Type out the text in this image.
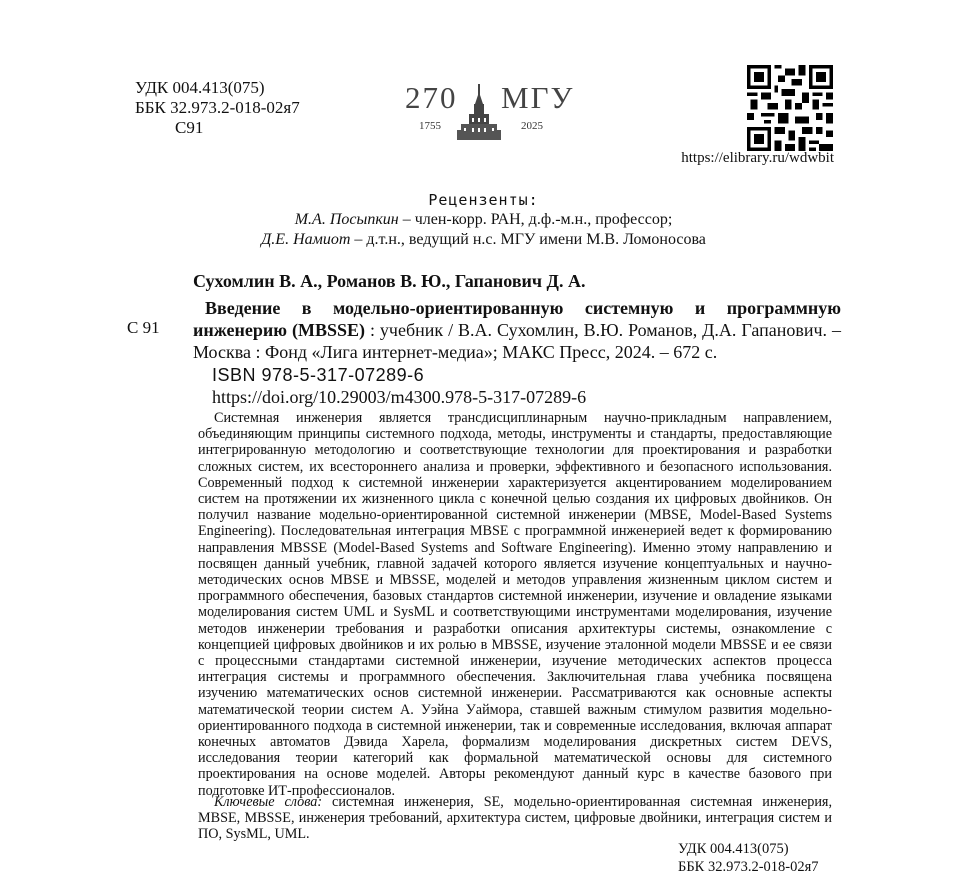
УДК 004.413(075)
ББК 32.973.2-018-02я7
С91
270 МГУ
1755	2025
https://elibrary.ru/wdwbit
Рецензенты:
М.А. Посыпкин – член-корр. РАН, д.ф.-м.н., профессор;
Д.Е. Намиот – д.т.н., ведущий н.с. МГУ имени М.В. Ломоносова
Сухомлин В. А., Романов В. Ю., Гапанович Д. А.
С 91
Введение в модельно-ориентированную системную и программную инженерию (MBSSE) : учебник / В.А. Сухомлин, В.Ю. Романов, Д.А. Гапанович. – Москва : Фонд «Лига интернет-медиа»; МАКС Пресс, 2024. – 672 с.
ISBN 978-5-317-07289-6
https://doi.org/10.29003/m4300.978-5-317-07289-6
Системная инженерия является трансдисциплинарным научно-прикладным направлением, объединяющим принципы системного подхода, методы, инструменты и стандарты, предоставляющие интегрированную методологию и соответствующие технологии для проектирования и разработки сложных систем, их всестороннего анализа и проверки, эффективного и безопасного использования. Современный подход к системной инженерии характеризуется акцентированием моделированием систем на протяжении их жизненного цикла с конечной целью создания их цифровых двойников. Он получил название модельно-ориентированной системной инженерии (MBSE, Model-Based Systems Engineering). Последовательная интеграция MBSE с программной инженерией ведет к формированию направления MBSSE (Model-Based Systems and Software Engineering). Именно этому направлению и посвящен данный учебник, главной задачей которого является изучение концептуальных и научно-методических основ MBSE и MBSSE, моделей и методов управления жизненным циклом систем и программного обеспечения, базовых стандартов системной инженерии, изучение и овладение языками моделирования систем UML и SysML и соответствующими инструментами моделирования, изучение методов инженерии требования и разработки описания архитектуры системы, ознакомление с концепцией цифровых двойников и их ролью в MBSSE, изучение эталонной модели MBSSE и ее связи с процессными стандартами системной инженерии, изучение методических аспектов процесса интеграция системы и программного обеспечения. Заключительная глава учебника посвящена изучению математических основ системной инженерии. Рассматриваются как основные аспекты математической теории систем А. Уэйна Уаймора, ставшей важным стимулом развития модельно-ориентированного подхода в системной инженерии, так и современные исследования, включая аппарат конечных автоматов Дэвида Харела, формализм моделирования дискретных систем DEVS, исследования теории категорий как формальной математической основы для системного проектирования на основе моделей. Авторы рекомендуют данный курс в качестве базового при подготовке ИТ-профессионалов.
Ключевые слова: системная инженерия, SE, модельно-ориентированная системная инженерия, MBSE, MBSSE, инженерия требований, архитектура систем, цифровые двойники, интеграция систем и ПО, SysML, UML.
УДК 004.413(075)
ББК 32.973.2-018-02я7
